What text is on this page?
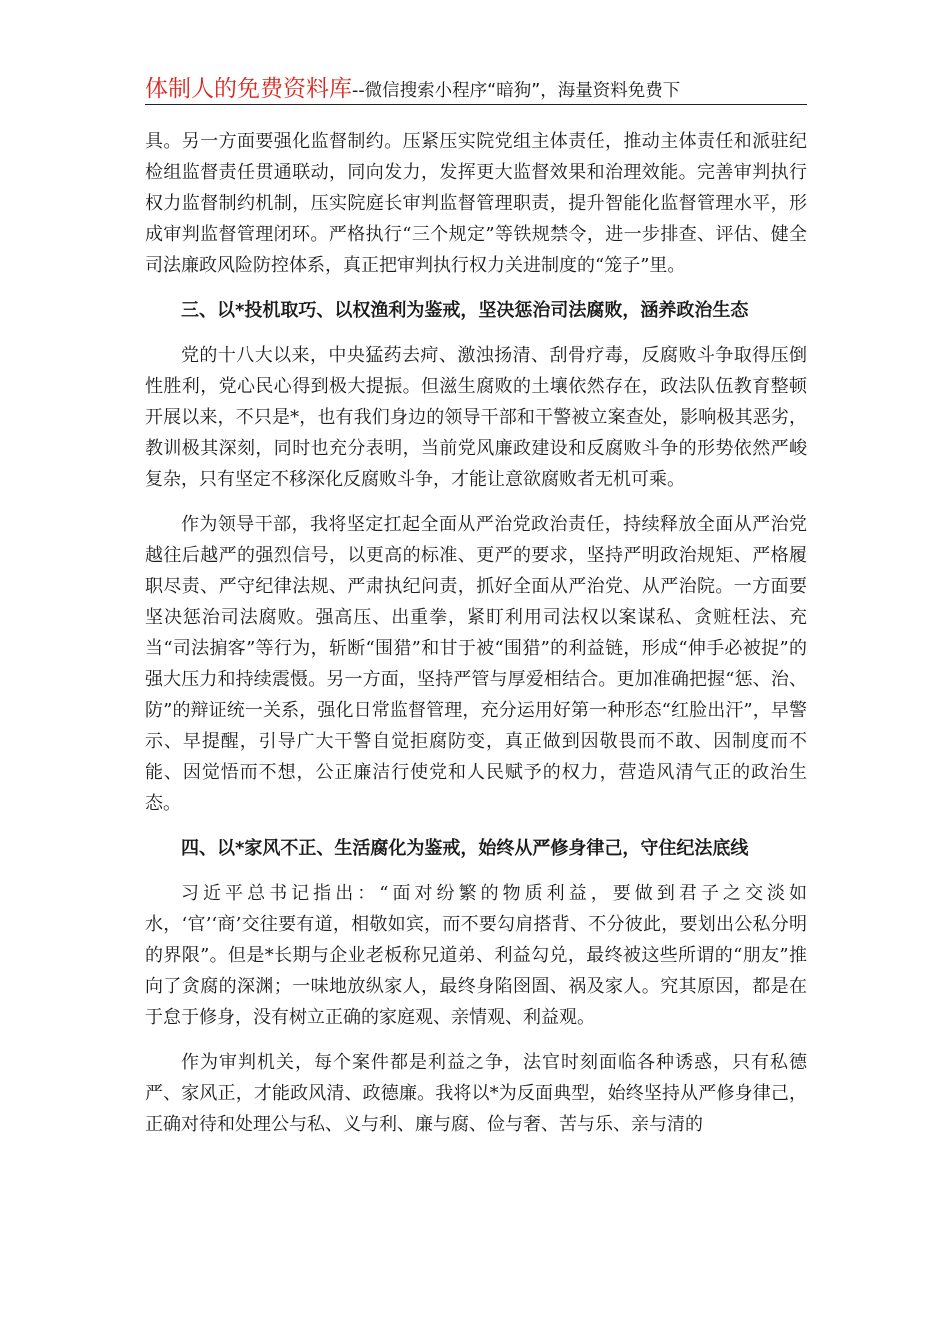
体制人的免费资料库--微信搜索小程序“暗狗”，海量资料免费下

具。另一方面要强化监督制约。压紧压实院党组主体责任，推动主体责任和派驻纪检组监督责任贯通联动，同向发力，发挥更大监督效果和治理效能。完善审判执行权力监督制约机制，压实院庭长审判监督管理职责，提升智能化监督管理水平，形成审判监督管理闭环。严格执行“三个规定”等铁规禁令，进一步排查、评估、健全司法廉政风险防控体系，真正把审判执行权力关进制度的“笼子”里。

三、以*投机取巧、以权渔利为鉴戒，坚决惩治司法腐败，涵养政治生态

党的十八大以来，中央猛药去疴、激浊扬清、刮骨疗毒，反腐败斗争取得压倒性胜利，党心民心得到极大提振。但滋生腐败的土壤依然存在，政法队伍教育整顿开展以来，不只是*，也有我们身边的领导干部和干警被立案查处，影响极其恶劣，教训极其深刻，同时也充分表明，当前党风廉政建设和反腐败斗争的形势依然严峻复杂，只有坚定不移深化反腐败斗争，才能让意欲腐败者无机可乘。

作为领导干部，我将坚定扛起全面从严治党政治责任，持续释放全面从严治党越往后越严的强烈信号，以更高的标准、更严的要求，坚持严明政治规矩、严格履职尽责、严守纪律法规、严肃执纪问责，抓好全面从严治党、从严治院。一方面要坚决惩治司法腐败。强高压、出重拳，紧盯利用司法权以案谋私、贪赃枉法、充当“司法掮客”等行为，斩断“围猎”和甘于被“围猎”的利益链，形成“伸手必被捉”的强大压力和持续震慑。另一方面，坚持严管与厚爱相结合。更加准确把握“惩、治、防”的辩证统一关系，强化日常监督管理，充分运用好第一种形态“红脸出汗”，早警示、早提醒，引导广大干警自觉拒腐防变，真正做到因敬畏而不敢、因制度而不能、因觉悟而不想，公正廉洁行使党和人民赋予的权力，营造风清气正的政治生态。

四、以*家风不正、生活腐化为鉴戒，始终从严修身律己，守住纪法底线

习近平总书记指出：“面对纷繁的物质利益，要做到君子之交淡如水，‘官’‘商’交往要有道，相敬如宾，而不要勾肩搭背、不分彼此，要划出公私分明的界限”。但是*长期与企业老板称兄道弟、利益勾兑，最终被这些所谓的“朋友”推向了贪腐的深渊；一味地放纵家人，最终身陷囹圄、祸及家人。究其原因，都是在于怠于修身，没有树立正确的家庭观、亲情观、利益观。

作为审判机关，每个案件都是利益之争，法官时刻面临各种诱惑，只有私德严、家风正，才能政风清、政德廉。我将以*为反面典型，始终坚持从严修身律己，正确对待和处理公与私、义与利、廉与腐、俭与奢、苦与乐、亲与清的
